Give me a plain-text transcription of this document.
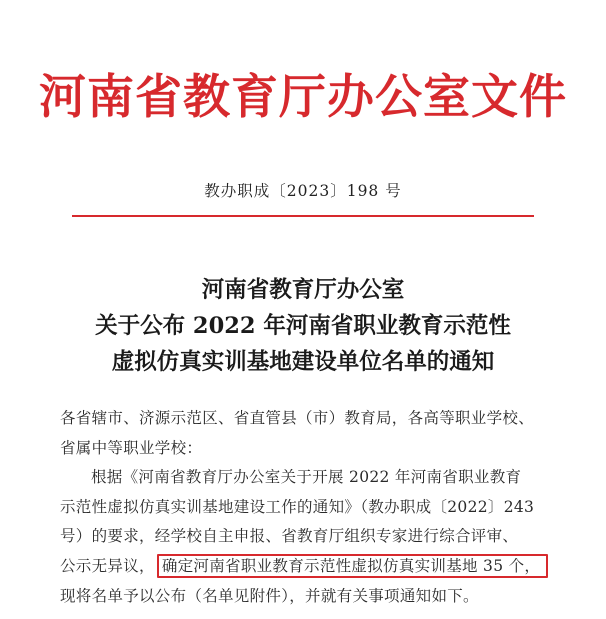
河南省教育厅办公室文件
教办职成〔2023〕198 号
河南省教育厅办公室
关于公布 2022 年河南省职业教育示范性
虚拟仿真实训基地建设单位名单的通知
各省辖市、济源示范区、省直管县（市）教育局，各高等职业学校、
省属中等职业学校：
根据《河南省教育厅办公室关于开展 2022 年河南省职业教育
示范性虚拟仿真实训基地建设工作的通知》（教办职成〔2022〕243
号）的要求，经学校自主申报、省教育厅组织专家进行综合评审、
公示无异议， 确定河南省职业教育示范性虚拟仿真实训基地 35 个，
现将名单予以公布（名单见附件），并就有关事项通知如下。
